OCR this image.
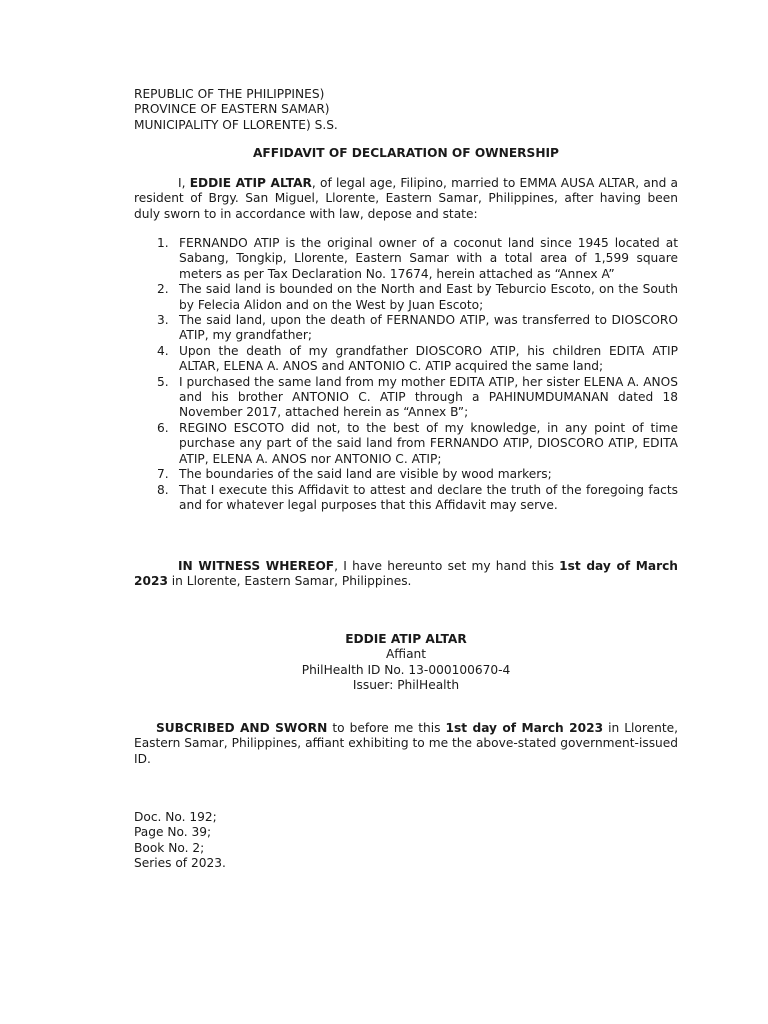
REPUBLIC OF THE PHILIPPINES)
PROVINCE OF EASTERN SAMAR)
MUNICIPALITY OF LLORENTE) S.S.
AFFIDAVIT OF DECLARATION OF OWNERSHIP
I, EDDIE ATIP ALTAR, of legal age, Filipino, married to EMMA AUSA ALTAR, and a resident of Brgy. San Miguel, Llorente, Eastern Samar, Philippines, after having been duly sworn to in accordance with law, depose and state:
1. FERNANDO ATIP is the original owner of a coconut land since 1945 located at Sabang, Tongkip, Llorente, Eastern Samar with a total area of 1,599 square meters as per Tax Declaration No. 17674, herein attached as “Annex A”
2. The said land is bounded on the North and East by Teburcio Escoto, on the South by Felecia Alidon and on the West by Juan Escoto;
3. The said land, upon the death of FERNANDO ATIP, was transferred to DIOSCORO ATIP, my grandfather;
4. Upon the death of my grandfather DIOSCORO ATIP, his children EDITA ATIP ALTAR, ELENA A. ANOS and ANTONIO C. ATIP acquired the same land;
5. I purchased the same land from my mother EDITA ATIP, her sister ELENA A. ANOS and his brother ANTONIO C. ATIP through a PAHINUMDUMANAN dated 18 November 2017, attached herein as “Annex B”;
6. REGINO ESCOTO did not, to the best of my knowledge, in any point of time purchase any part of the said land from FERNANDO ATIP, DIOSCORO ATIP, EDITA ATIP, ELENA A. ANOS nor ANTONIO C. ATIP;
7. The boundaries of the said land are visible by wood markers;
8. That I execute this Affidavit to attest and declare the truth of the foregoing facts and for whatever legal purposes that this Affidavit may serve.
IN WITNESS WHEREOF, I have hereunto set my hand this 1st day of March 2023 in Llorente, Eastern Samar, Philippines.
EDDIE ATIP ALTAR
Affiant
PhilHealth ID No. 13-000100670-4
Issuer: PhilHealth
SUBCRIBED AND SWORN to before me this 1st day of March 2023 in Llorente, Eastern Samar, Philippines, affiant exhibiting to me the above-stated government-issued ID.
Doc. No. 192;
Page No. 39;
Book No. 2;
Series of 2023.
